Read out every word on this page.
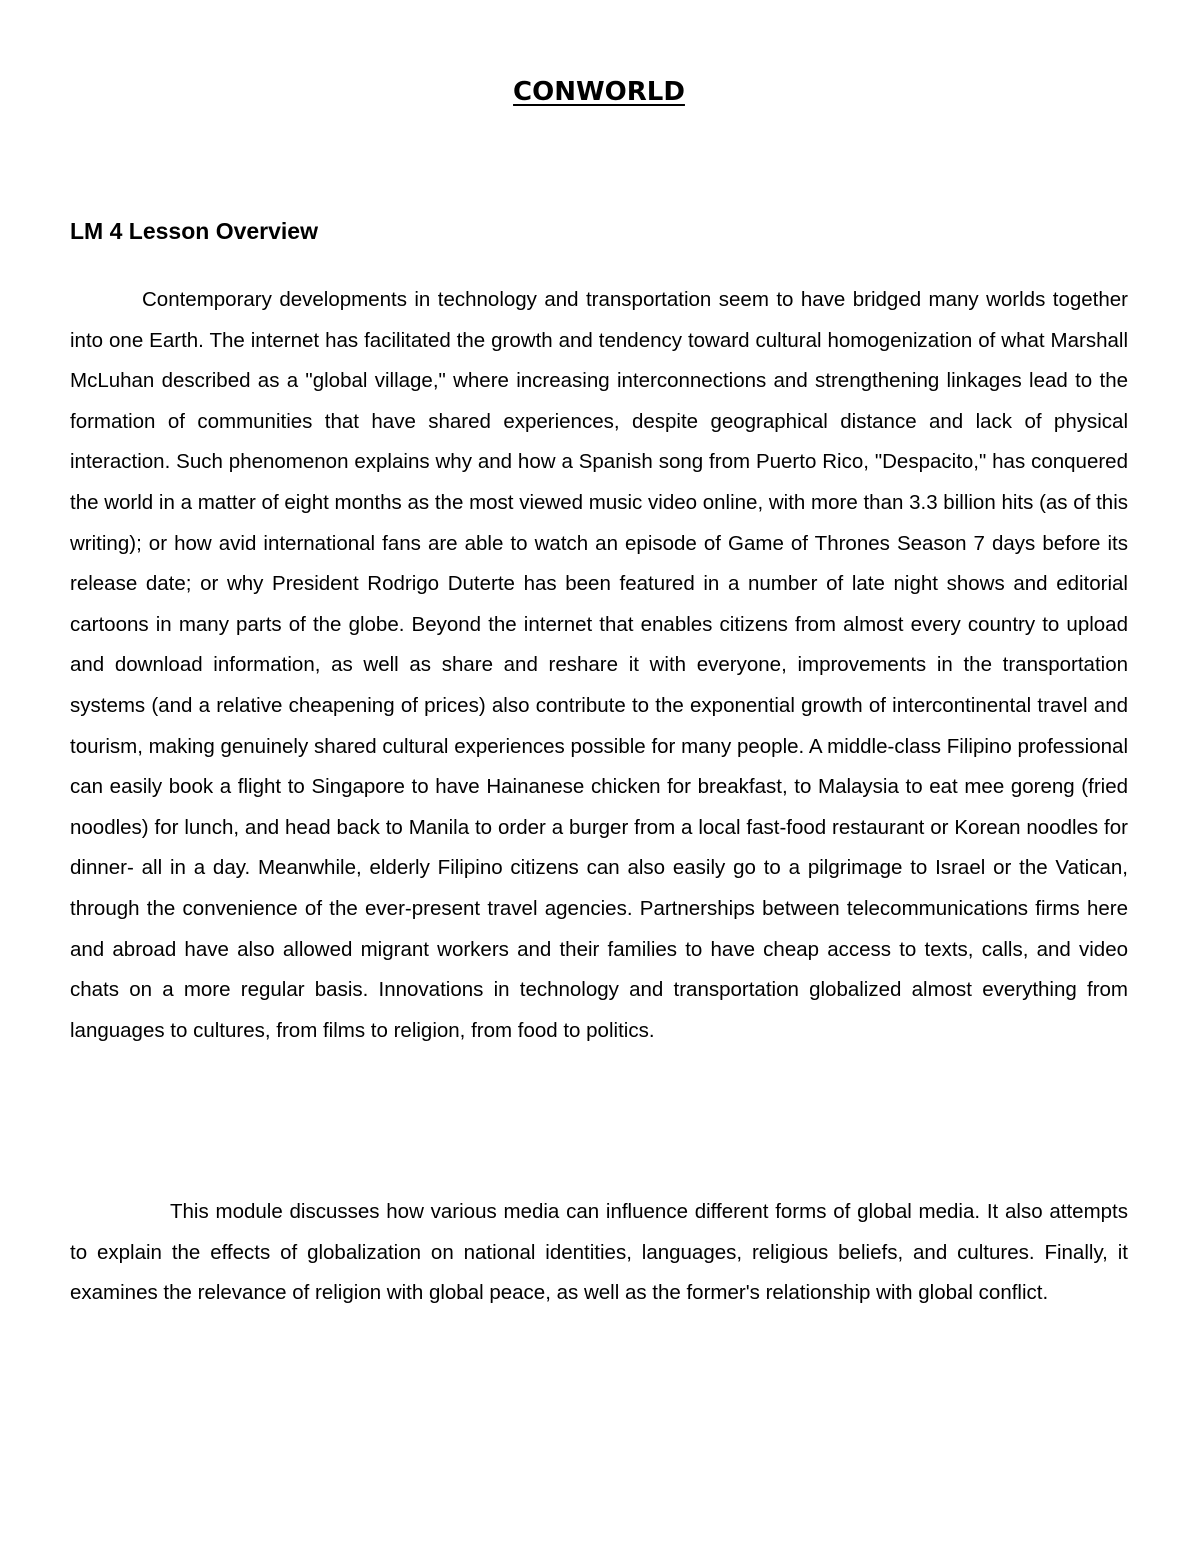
CONWORLD
LM 4 Lesson Overview

Contemporary developments in technology and transportation seem to have bridged many worlds together into one Earth. The internet has facilitated the growth and tendency toward cultural homogenization of what Marshall McLuhan described as a "global village," where increasing interconnections and strengthening linkages lead to the formation of communities that have shared experiences, despite geographical distance and lack of physical interaction. Such phenomenon explains why and how a Spanish song from Puerto Rico, "Despacito," has conquered the world in a matter of eight months as the most viewed music video online, with more than 3.3 billion hits (as of this writing); or how avid international fans are able to watch an episode of Game of Thrones Season 7 days before its release date; or why President Rodrigo Duterte has been featured in a number of late night shows and editorial cartoons in many parts of the globe. Beyond the internet that enables citizens from almost every country to upload and download information, as well as share and reshare it with everyone, improvements in the transportation systems (and a relative cheapening of prices) also contribute to the exponential growth of intercontinental travel and tourism, making genuinely shared cultural experiences possible for many people. A middle-class Filipino professional can easily book a flight to Singapore to have Hainanese chicken for breakfast, to Malaysia to eat mee goreng (fried noodles) for lunch, and head back to Manila to order a burger from a local fast-food restaurant or Korean noodles for dinner- all in a day. Meanwhile, elderly Filipino citizens can also easily go to a pilgrimage to Israel or the Vatican, through the convenience of the ever-present travel agencies. Partnerships between telecommunications firms here and abroad have also allowed migrant workers and their families to have cheap access to texts, calls, and video chats on a more regular basis. Innovations in technology and transportation globalized almost everything from languages to cultures, from films to religion, from food to politics.

This module discusses how various media can influence different forms of global media. It also attempts to explain the effects of globalization on national identities, languages, religious beliefs, and cultures. Finally, it examines the relevance of religion with global peace, as well as the former's relationship with global conflict.
